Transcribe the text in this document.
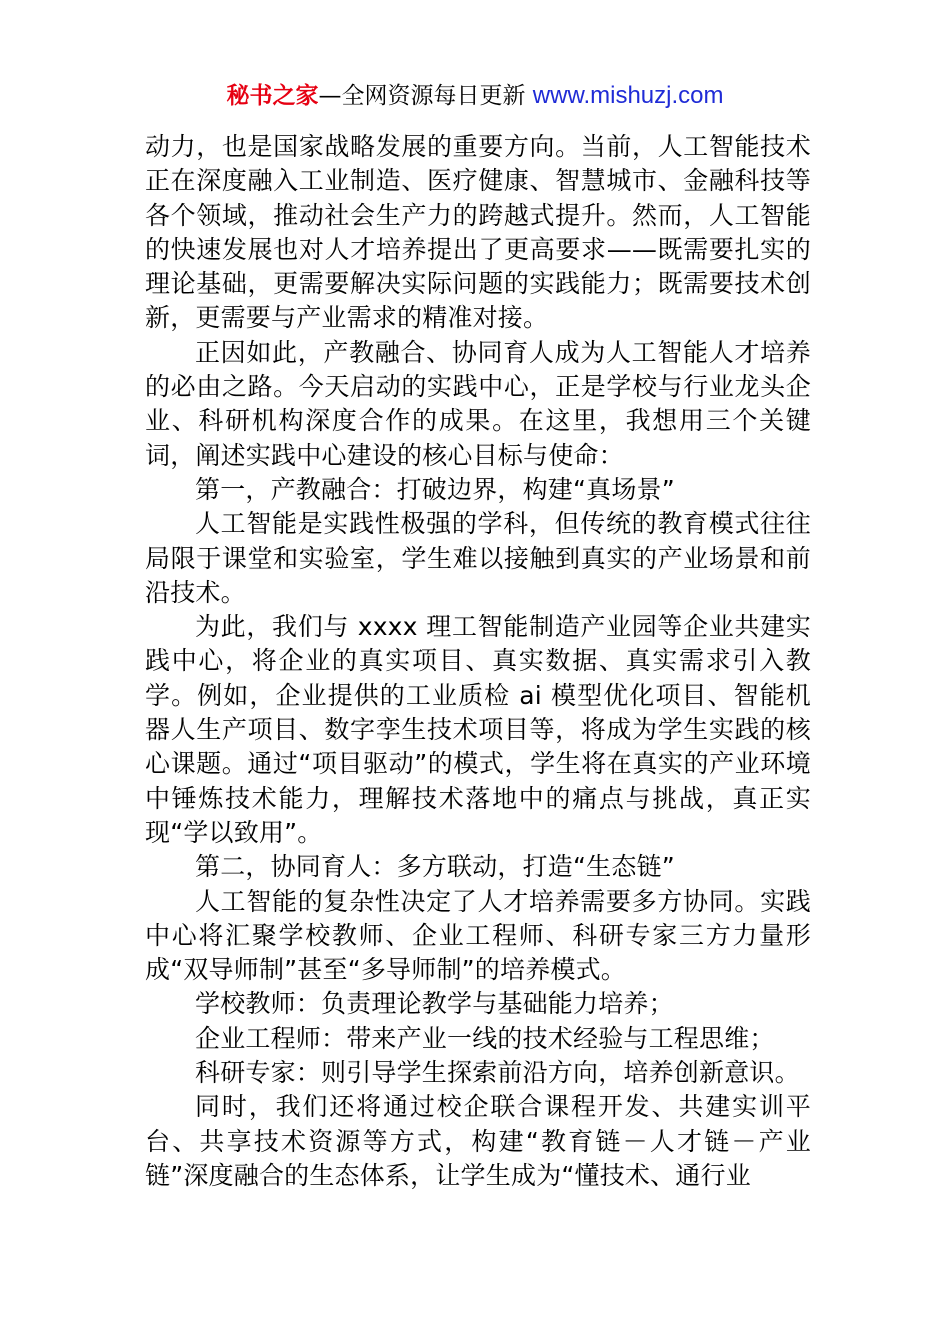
秘书之家—全网资源每日更新 www.mishuzj.com

动力，也是国家战略发展的重要方向。当前，人工智能技术正在深度融入工业制造、医疗健康、智慧城市、金融科技等各个领域，推动社会生产力的跨越式提升。然而，人工智能的快速发展也对人才培养提出了更高要求——既需要扎实的理论基础，更需要解决实际问题的实践能力；既需要技术创新，更需要与产业需求的精准对接。

正因如此，产教融合、协同育人成为人工智能人才培养的必由之路。今天启动的实践中心，正是学校与行业龙头企业、科研机构深度合作的成果。在这里，我想用三个关键词，阐述实践中心建设的核心目标与使命：

第一，产教融合：打破边界，构建“真场景”

人工智能是实践性极强的学科，但传统的教育模式往往局限于课堂和实验室，学生难以接触到真实的产业场景和前沿技术。

为此，我们与 xxxx 理工智能制造产业园等企业共建实践中心，将企业的真实项目、真实数据、真实需求引入教学。例如，企业提供的工业质检 ai 模型优化项目、智能机器人生产项目、数字孪生技术项目等，将成为学生实践的核心课题。通过“项目驱动”的模式，学生将在真实的产业环境中锤炼技术能力，理解技术落地中的痛点与挑战，真正实现“学以致用”。

第二，协同育人：多方联动，打造“生态链”

人工智能的复杂性决定了人才培养需要多方协同。实践中心将汇聚学校教师、企业工程师、科研专家三方力量形成“双导师制”甚至“多导师制”的培养模式。

学校教师：负责理论教学与基础能力培养；

企业工程师：带来产业一线的技术经验与工程思维；

科研专家：则引导学生探索前沿方向，培养创新意识。

同时，我们还将通过校企联合课程开发、共建实训平台、共享技术资源等方式，构建“教育链－人才链－产业链”深度融合的生态体系，让学生成为“懂技术、通行业
